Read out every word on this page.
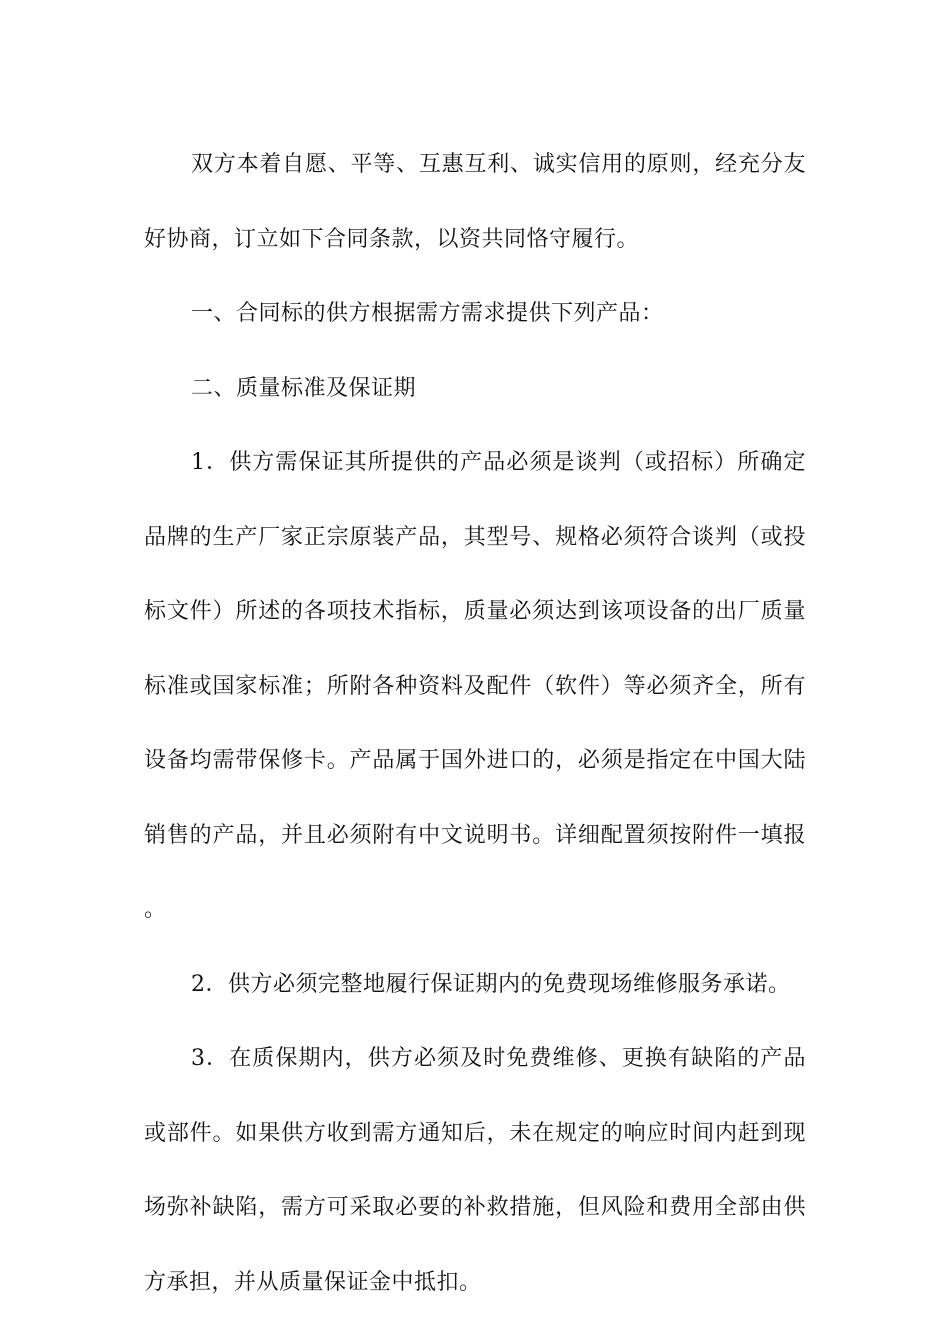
双方本着自愿、平等、互惠互利、诚实信用的原则，经充分友好协商，订立如下合同条款，以资共同恪守履行。

一、合同标的供方根据需方需求提供下列产品：

二、质量标准及保证期

1．供方需保证其所提供的产品必须是谈判（或招标）所确定品牌的生产厂家正宗原装产品，其型号、规格必须符合谈判（或投标文件）所述的各项技术指标，质量必须达到该项设备的出厂质量标准或国家标准；所附各种资料及配件（软件）等必须齐全，所有设备均需带保修卡。产品属于国外进口的，必须是指定在中国大陆销售的产品，并且必须附有中文说明书。详细配置须按附件一填报。

2．供方必须完整地履行保证期内的免费现场维修服务承诺。

3．在质保期内，供方必须及时免费维修、更换有缺陷的产品或部件。如果供方收到需方通知后，未在规定的响应时间内赶到现场弥补缺陷，需方可采取必要的补救措施，但风险和费用全部由供方承担，并从质量保证金中抵扣。
